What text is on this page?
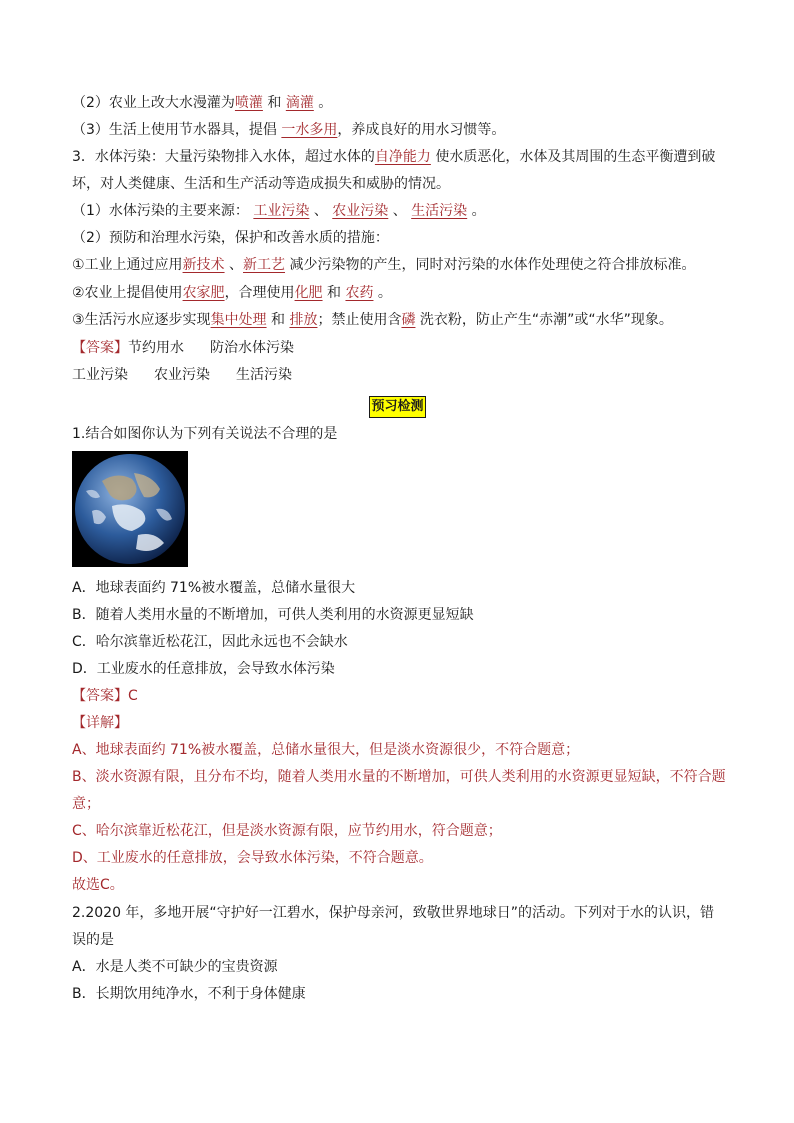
（2）农业上改大水漫灌为喷灌 和 滴灌 。
（3）生活上使用节水器具，提倡 一水多用，养成良好的用水习惯等。
3．水体污染：大量污染物排入水体，超过水体的自净能力 使水质恶化，水体及其周围的生态平衡遭到破
坏，对人类健康、生活和生产活动等造成损失和威胁的情况。
（1）水体污染的主要来源： 工业污染 、 农业污染 、 生活污染 。
（2）预防和治理水污染，保护和改善水质的措施：
①工业上通过应用新技术 、新工艺 减少污染物的产生，同时对污染的水体作处理使之符合排放标准。
②农业上提倡使用农家肥，合理使用化肥 和 农药 。
③生活污水应逐步实现集中处理 和 排放；禁止使用含磷 洗衣粉，防止产生“赤潮”或“水华”现象。
【答案】节约用水 防治水体污染
工业污染 农业污染 生活污染
预习检测
1.结合如图你认为下列有关说法不合理的是
A．地球表面约 71%被水覆盖，总储水量很大
B．随着人类用水量的不断增加，可供人类利用的水资源更显短缺
C．哈尔滨靠近松花江，因此永远也不会缺水
D．工业废水的任意排放，会导致水体污染
【答案】C
【详解】
A、地球表面约 71%被水覆盖，总储水量很大，但是淡水资源很少，不符合题意；
B、淡水资源有限，且分布不均，随着人类用水量的不断增加，可供人类利用的水资源更显短缺，不符合题
意；
C、哈尔滨靠近松花江，但是淡水资源有限，应节约用水，符合题意；
D、工业废水的任意排放，会导致水体污染，不符合题意。
故选C。
2.2020 年，多地开展“守护好一江碧水，保护母亲河，致敬世界地球日”的活动。下列对于水的认识，错
误的是
A．水是人类不可缺少的宝贵资源
B．长期饮用纯净水，不利于身体健康
